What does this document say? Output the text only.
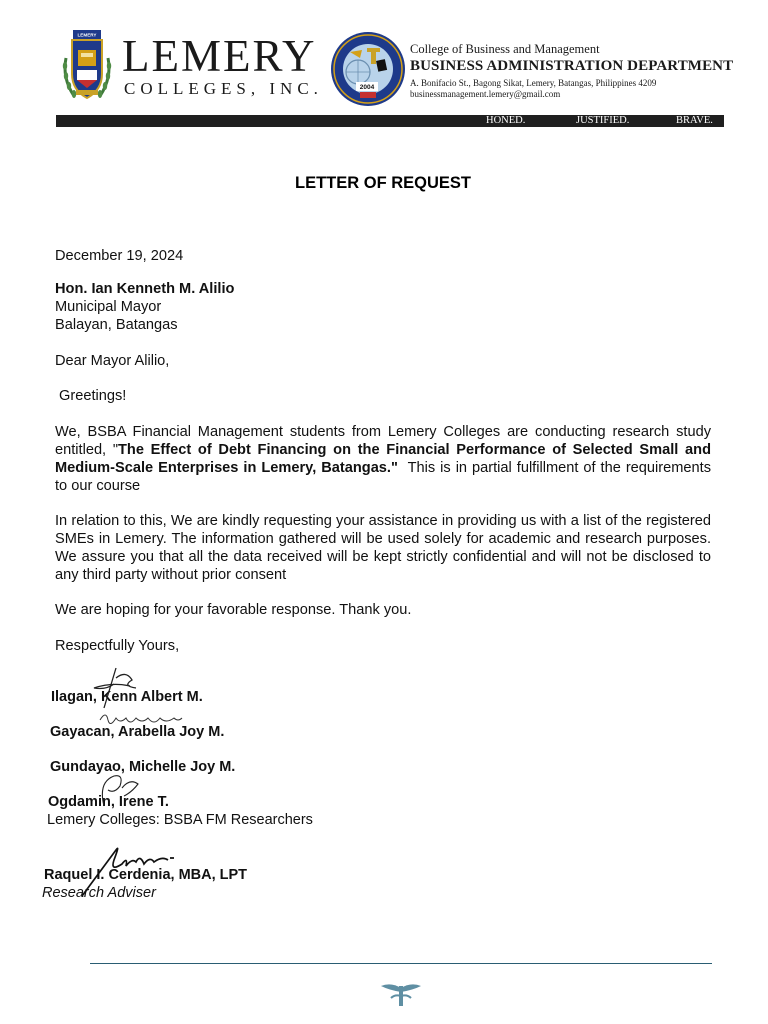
LEMERY LEMERY
COLLEGES, INC.	2004
College of Business and Management
BUSINESS ADMINISTRATION DEPARTMENT
A. Bonifacio St., Bagong Sikat, Lemery, Batangas, Philippines 4209
businessmanagement.lemery@gmail.com
HONED.	JUSTIFIED.	BRAVE.
LETTER OF REQUEST
December 19, 2024
Hon. Ian Kenneth M. Alilio
Municipal Mayor
Balayan, Batangas
Dear Mayor Alilio,
Greetings!
We, BSBA Financial Management students from Lemery Colleges are conducting research study entitled, "The Effect of Debt Financing on the Financial Performance of Selected Small and Medium-Scale Enterprises in Lemery, Batangas."  This is in partial fulfillment of the requirements to our course
In relation to this, We are kindly requesting your assistance in providing us with a list of the registered SMEs in Lemery. The information gathered will be used solely for academic and research purposes. We assure you that all the data received will be kept strictly confidential and will not be disclosed to any third party without prior consent
We are hoping for your favorable response. Thank you.
Respectfully Yours,
Ilagan, Kenn Albert M.
Gayacan, Arabella Joy M.
Gundayao, Michelle Joy M.
Ogdamin, Irene T.
Lemery Colleges: BSBA FM Researchers
Raquel I. Cerdenia, MBA, LPT
Research Adviser
